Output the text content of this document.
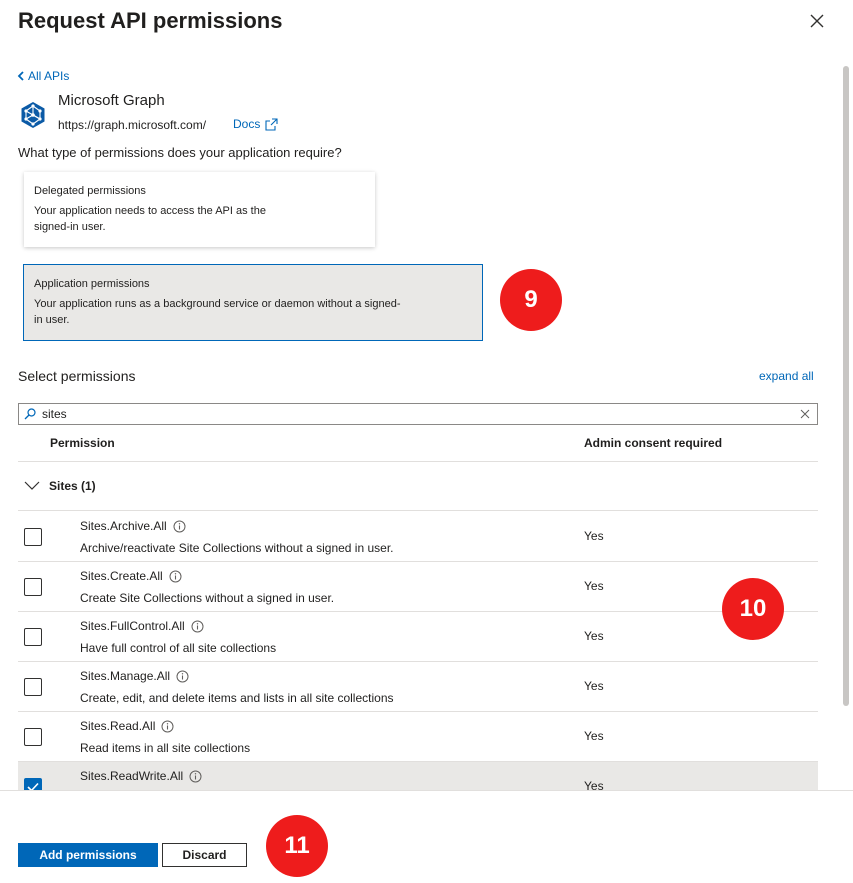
Request API permissions
All APIs
Microsoft Graph
https://graph.microsoft.com/ Docs
What type of permissions does your application require?
Delegated permissions
Your application needs to access the API as the signed-in user.
Application permissions
Your application runs as a background service or daemon without a signed-in user.
9
Select permissions	expand all
sites
Permission	Admin consent required
Sites (1)
Sites.Archive.All
Archive/reactivate Site Collections without a signed in user.
Yes
Sites.Create.All
Create Site Collections without a signed in user.
Yes
Sites.FullControl.All
Have full control of all site collections
Yes
10
Sites.Manage.All
Create, edit, and delete items and lists in all site collections
Yes
Sites.Read.All
Read items in all site collections
Yes
Sites.ReadWrite.All
Yes
Add permissions	Discard	11
